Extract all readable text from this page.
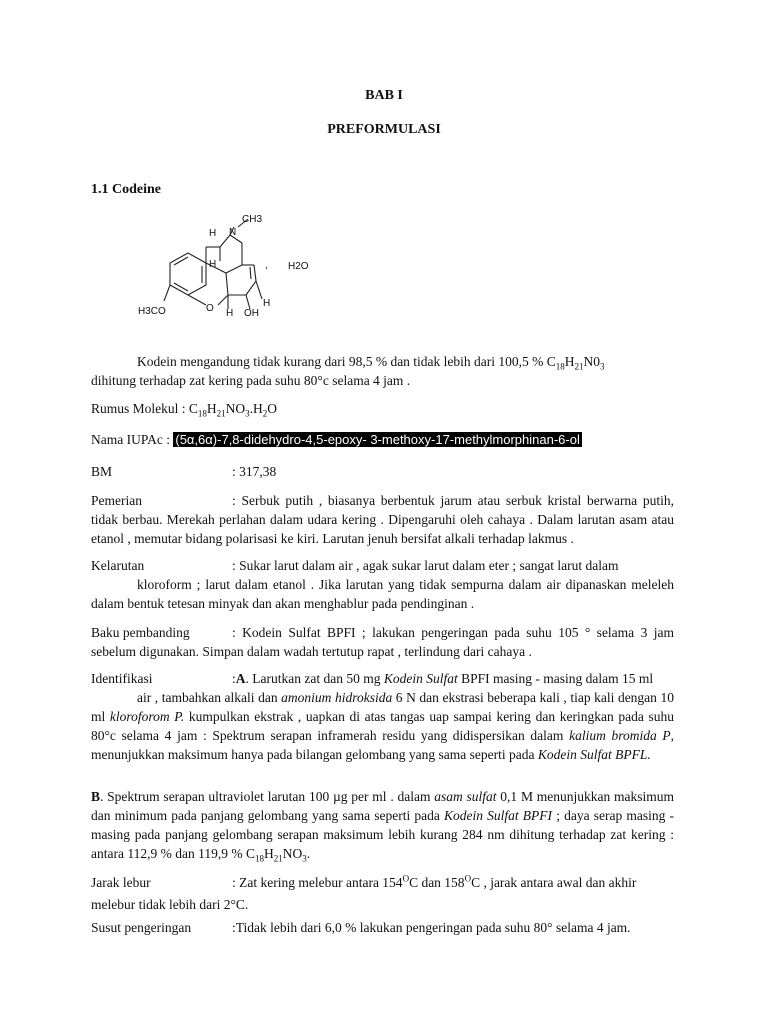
BAB I
PREFORMULASI
1.1 Codeine
CH3
N
H
H	, H2O
H3CO	O H OH
H
Kodein mengandung tidak kurang dari 98,5 % dan tidak lebih dari 100,5 % $C_{18}H_{21}N0_3$
dihitung terhadap zat kering pada suhu 80°c selama 4 jam .
Rumus Molekul : $C_{18}H_{21}NO_3.H_2O$
Nama IUPAc : (5α,6α)-7,8-didehydro-4,5-epoxy- 3-methoxy-17-methylmorphinan-6-ol
BM	: 317,38
Pemerian	: Serbuk putih , biasanya berbentuk jarum atau serbuk kristal berwarna putih, tidak berbau. Merekah perlahan dalam udara kering . Dipengaruhi oleh cahaya . Dalam larutan asam atau etanol , memutar bidang polarisasi ke kiri. Larutan jenuh bersifat alkali terhadap lakmus .
Kelarutan	: Sukar larut dalam air , agak sukar larut dalam eter ; sangat larut dalam
kloroform ; larut dalam etanol . Jika larutan yang tidak sempurna dalam air dipanaskan meleleh dalam bentuk tetesan minyak dan akan menghablur pada pendinginan .
Baku pembanding	: Kodein Sulfat BPFI ; lakukan pengeringan pada suhu 105 ° selama 3 jam sebelum digunakan. Simpan dalam wadah tertutup rapat , terlindung dari cahaya .
Identifikasi	:A. Larutkan zat dan 50 mg Kodein Sulfat BPFI masing - masing dalam 15 ml
air , tambahkan alkali dan amonium hidroksida 6 N dan ekstrasi beberapa kali , tiap kali dengan 10 ml kloroforom P. kumpulkan ekstrak , uapkan di atas tangas uap sampai kering dan keringkan pada suhu 80°c selama 4 jam : Spektrum serapan inframerah residu yang didispersikan dalam kalium bromida P, menunjukkan maksimum hanya pada bilangan gelombang yang sama seperti pada Kodein Sulfat BPFL.
B. Spektrum serapan ultraviolet larutan 100 µg per ml . dalam asam sulfat 0,1 M menunjukkan maksimum dan minimum pada panjang gelombang yang sama seperti pada Kodein Sulfat BPFI ; daya serap masing - masing pada panjang gelombang serapan maksimum lebih kurang 284 nm dihitung terhadap zat kering : antara 112,9 % dan 119,9 % $C_{18}H_{21}NO_3$.
Jarak lebur	: Zat kering melebur antara $154^OC$ dan $158^OC$ , jarak antara awal dan akhir
melebur tidak lebih dari 2°C.
Susut pengeringan	:Tidak lebih dari 6,0 % lakukan pengeringan pada suhu 80° selama 4 jam.
